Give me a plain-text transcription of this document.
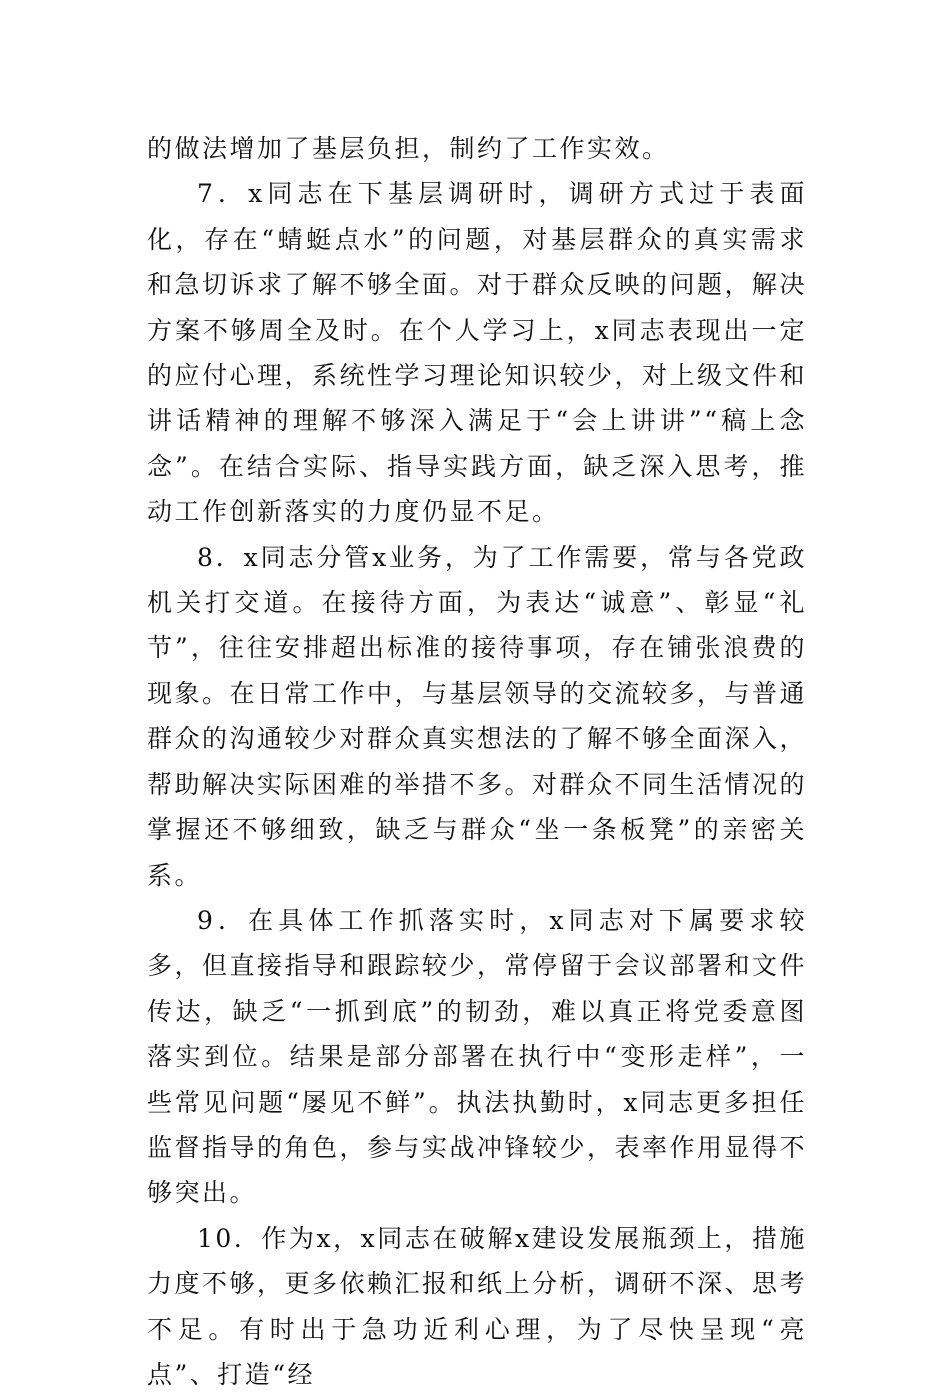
的做法增加了基层负担，制约了工作实效。

7．x同志在下基层调研时，调研方式过于表面化，存在“蜻蜓点水”的问题，对基层群众的真实需求和急切诉求了解不够全面。对于群众反映的问题，解决方案不够周全及时。在个人学习上，x同志表现出一定的应付心理，系统性学习理论知识较少，对上级文件和讲话精神的理解不够深入满足于“会上讲讲”“稿上念念”。在结合实际、指导实践方面，缺乏深入思考，推动工作创新落实的力度仍显不足。

8．x同志分管x业务，为了工作需要，常与各党政机关打交道。在接待方面，为表达“诚意”、彰显“礼节”，往往安排超出标准的接待事项，存在铺张浪费的现象。在日常工作中，与基层领导的交流较多，与普通群众的沟通较少对群众真实想法的了解不够全面深入，帮助解决实际困难的举措不多。对群众不同生活情况的掌握还不够细致，缺乏与群众“坐一条板凳”的亲密关系。

9．在具体工作抓落实时，x同志对下属要求较多，但直接指导和跟踪较少，常停留于会议部署和文件传达，缺乏“一抓到底”的韧劲，难以真正将党委意图落实到位。结果是部分部署在执行中“变形走样”，一些常见问题“屡见不鲜”。执法执勤时，x同志更多担任监督指导的角色，参与实战冲锋较少，表率作用显得不够突出。

10．作为x，x同志在破解x建设发展瓶颈上，措施力度不够，更多依赖汇报和纸上分析，调研不深、思考不足。有时出于急功近利心理，为了尽快呈现“亮点”、打造“经
